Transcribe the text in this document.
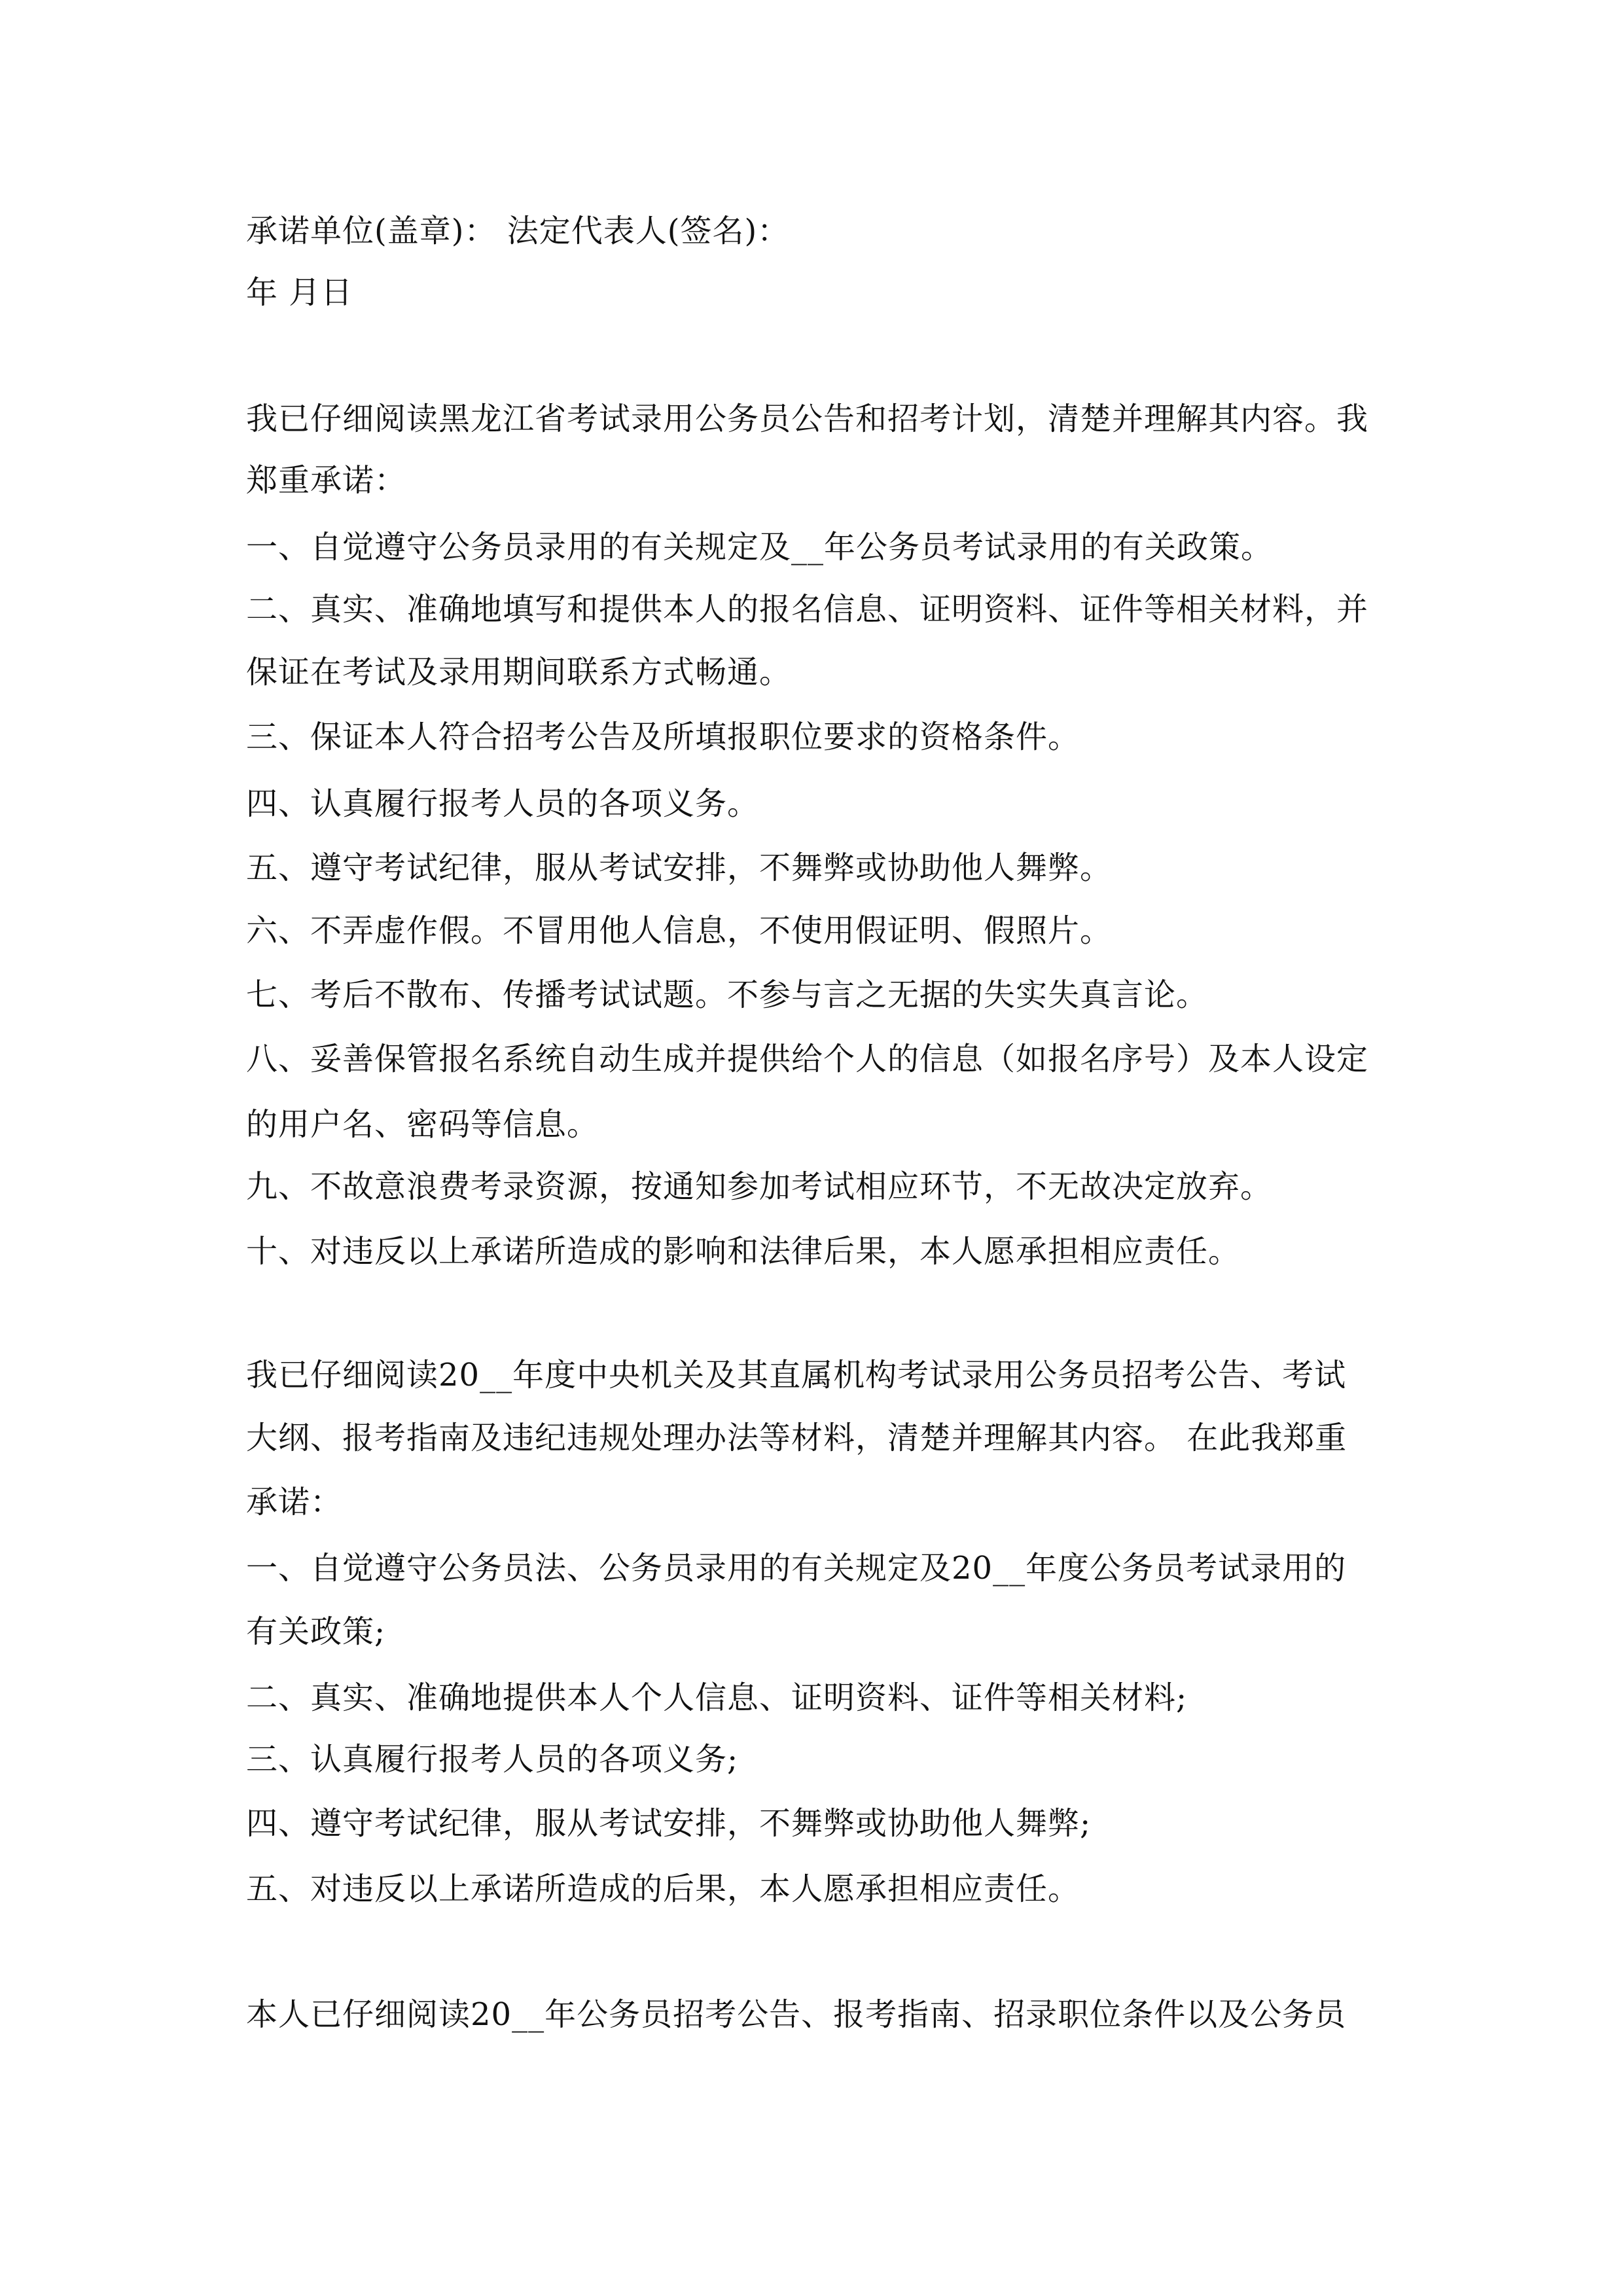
承诺单位(盖章)： 法定代表人(签名)：
年 月日
我已仔细阅读黑龙江省考试录用公务员公告和招考计划，清楚并理解其内容。我
郑重承诺：
一、自觉遵守公务员录用的有关规定及__年公务员考试录用的有关政策。
二、真实、准确地填写和提供本人的报名信息、证明资料、证件等相关材料，并
保证在考试及录用期间联系方式畅通。
三、保证本人符合招考公告及所填报职位要求的资格条件。
四、认真履行报考人员的各项义务。
五、遵守考试纪律，服从考试安排，不舞弊或协助他人舞弊。
六、不弄虚作假。不冒用他人信息，不使用假证明、假照片。
七、考后不散布、传播考试试题。不参与言之无据的失实失真言论。
八、妥善保管报名系统自动生成并提供给个人的信息（如报名序号）及本人设定
的用户名、密码等信息。
九、不故意浪费考录资源，按通知参加考试相应环节，不无故决定放弃。
十、对违反以上承诺所造成的影响和法律后果，本人愿承担相应责任。
我已仔细阅读20__年度中央机关及其直属机构考试录用公务员招考公告、考试
大纲、报考指南及违纪违规处理办法等材料，清楚并理解其内容。 在此我郑重
承诺：
一、自觉遵守公务员法、公务员录用的有关规定及20__年度公务员考试录用的
有关政策;
二、真实、准确地提供本人个人信息、证明资料、证件等相关材料;
三、认真履行报考人员的各项义务;
四、遵守考试纪律，服从考试安排，不舞弊或协助他人舞弊;
五、对违反以上承诺所造成的后果，本人愿承担相应责任。
本人已仔细阅读20__年公务员招考公告、报考指南、招录职位条件以及公务员
